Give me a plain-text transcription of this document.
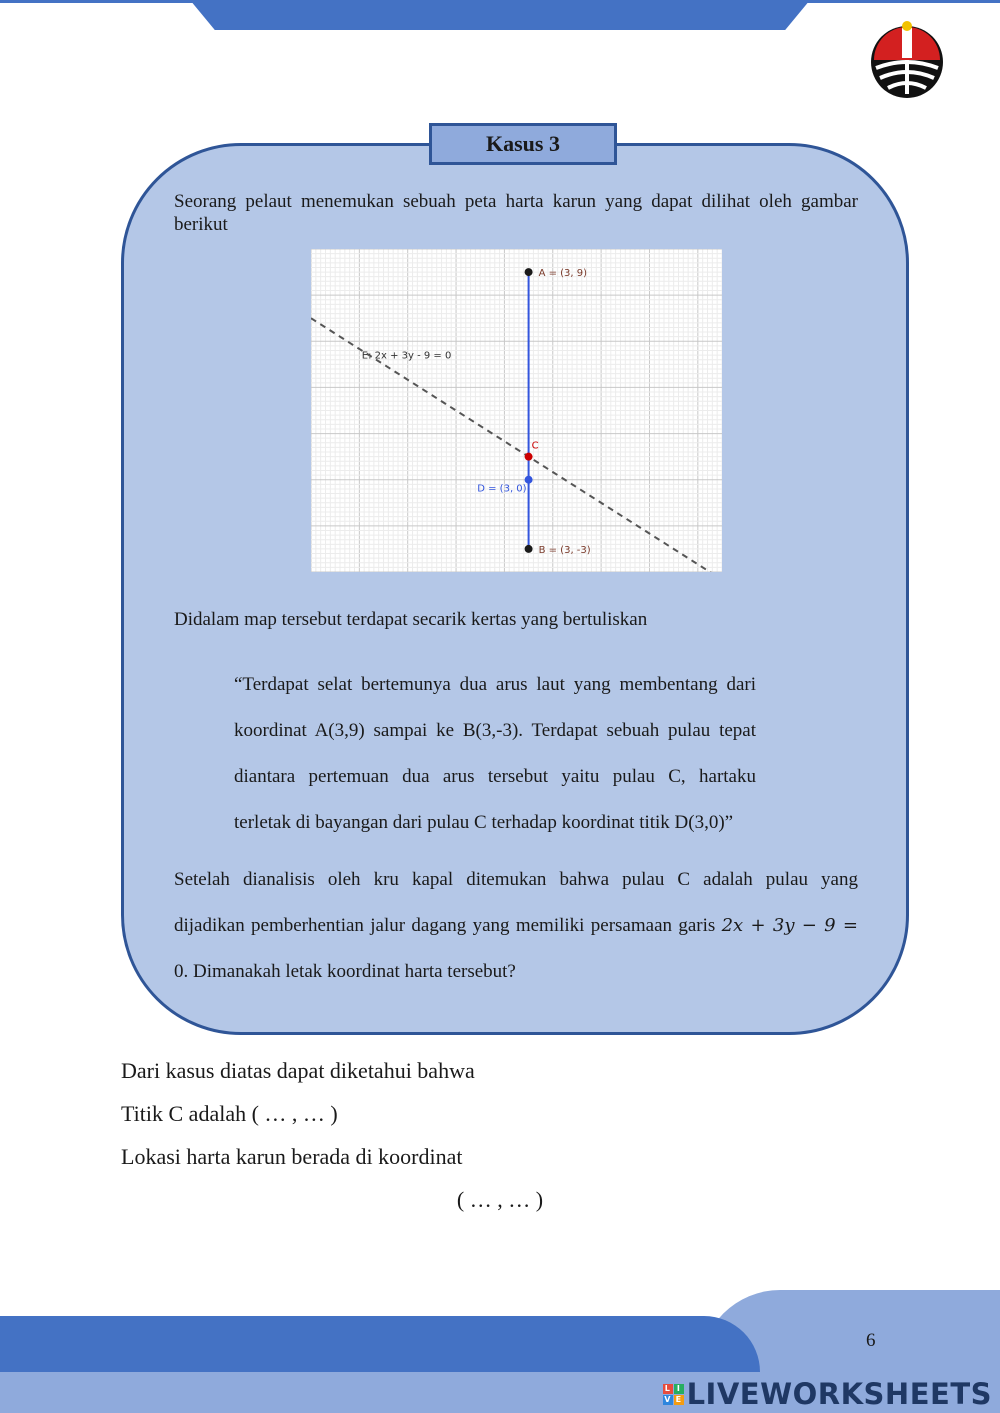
Kasus 3
Seorang pelaut menemukan sebuah peta harta karun yang dapat dilihat oleh gambar berikut
E: 2x + 3y - 9 = 0
A = (3, 9)
B = (3, -3)
C
D = (3, 0)
Didalam map tersebut terdapat secarik kertas yang bertuliskan
“Terdapat selat bertemunya dua arus laut yang membentang dari
koordinat A(3,9) sampai ke B(3,-3). Terdapat sebuah pulau tepat
diantara pertemuan dua arus tersebut yaitu pulau C, hartaku
terletak di bayangan dari pulau C terhadap koordinat titik D(3,0)”
Setelah dianalisis oleh kru kapal ditemukan bahwa pulau C adalah pulau yang
dijadikan pemberhentian jalur dagang yang memiliki persamaan garis 2x + 3y − 9 =
0. Dimanakah letak koordinat harta tersebut?
Dari kasus diatas dapat diketahui bahwa
Titik C adalah ( … , … )
Lokasi harta karun berada di koordinat
( … , … )
6
L I
V E LIVEWORKSHEETS
